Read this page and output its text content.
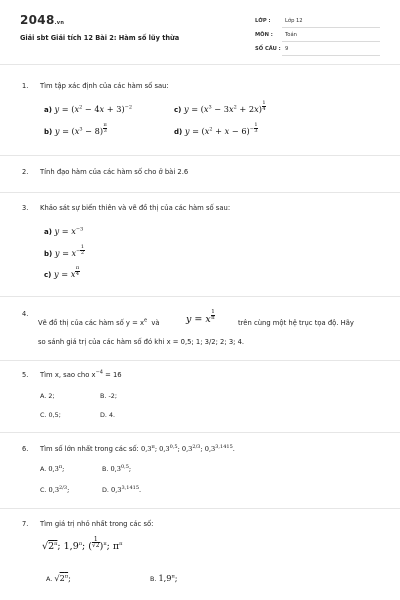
2048.vn
Giải sbt Giải tích 12 Bài 2: Hàm số lũy thừa
LỚP :	Lớp 12
MÔN : Toán
SỐ CÂU : 9
1. Tìm tập xác định của các hàm số sau:
a) $y = (x^2 - 4x + 3)^{-2}$	c) $y = (x^3 - 3x^2 + 2x) \frac{1}{4}$
b) $y = (x^3 - 8) \frac{\pi}{3}$	d) $y = (x^2 + x - 6)^- \frac{1}{3}$
2. Tính đạo hàm của các hàm số cho ở bài 2.6
3. Khảo sát sự biến thiên và vẽ đồ thị của các hàm số sau:
a) $y = x^{-3}$
b) $y = x^- \frac{1}{2}$
c) y = x $\frac{\pi}{4}$
4.
Vẽ đồ thị của các hàm số $y = x^e$ và	y = x $\frac{1}{\pi}$
trên cùng một hệ trục tọa độ. Hãy
so sánh giá trị của các hàm số đó khi x = 0,5; 1; 3/2; 2; 3; 4.
5. Tìm x, sao cho $x^{-4} = 16$
A. 2;	B. -2;
C. 0,5;	D. 4.
6. Tìm số lớn nhất trong các số: $0,3^\pi$; 0,3$^{0,5}$; $0,3^{2/3}$; $0,3^{3,1415}$.
A. $0,3^\pi$;	B. 0,3$^{0,5}$;
C. $0,3^{2/3}$;	D. $0,3^{3,1415}$.
7. Tìm giá trị nhỏ nhất trong các số:
$√2^\pi$; $1,9^\pi$; ( $\frac{1}{√2} )^\pi$; $\pi^\pi$
A. $√2^\pi$;	B. $1,9^\pi$;
